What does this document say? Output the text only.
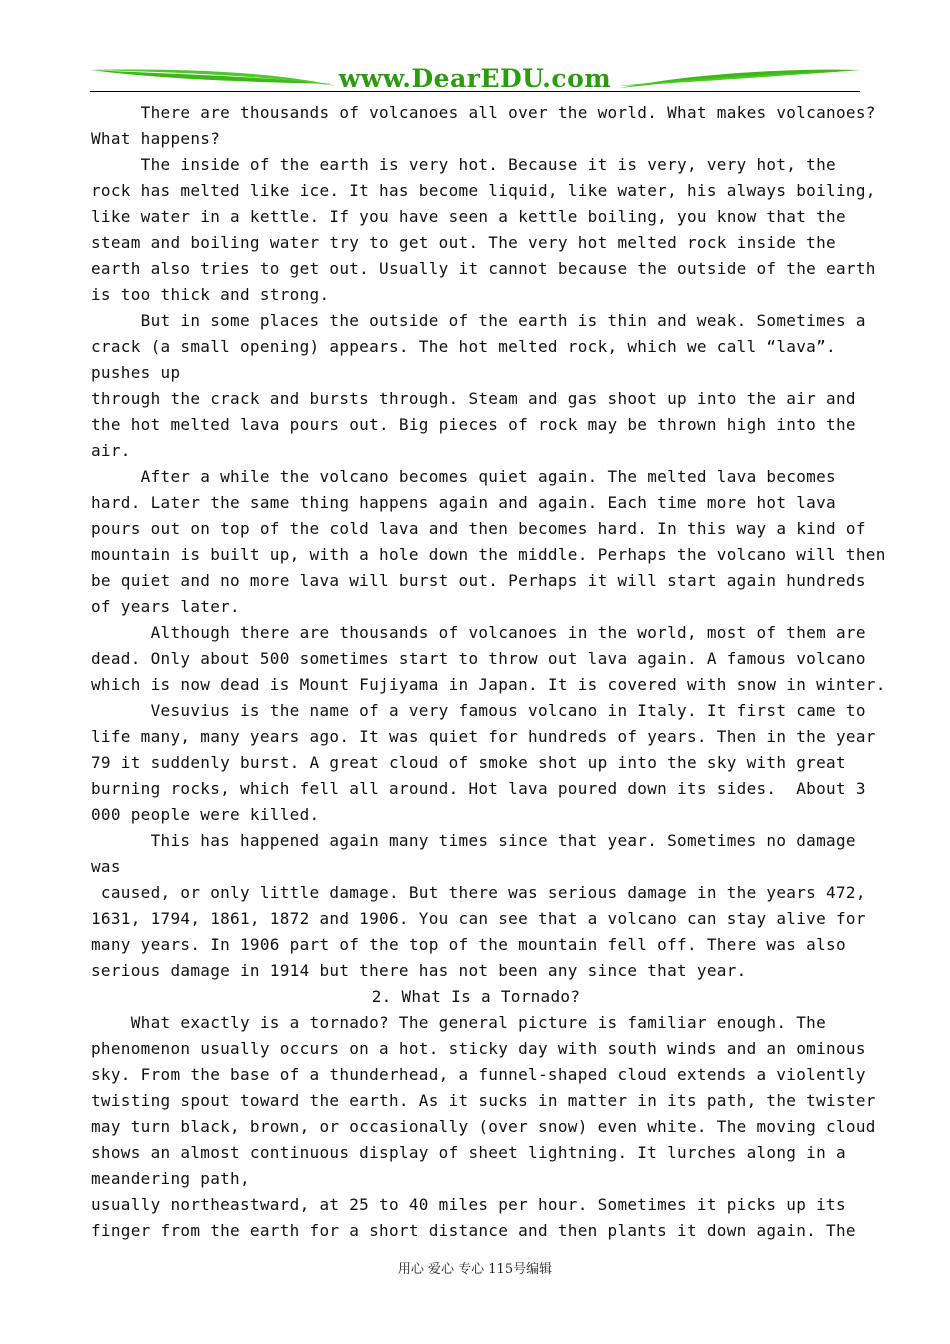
www.DearEDU.com

There are thousands of volcanoes all over the world. What makes volcanoes?

What happens?

The inside of the earth is very hot. Because it is very, very hot, the

rock has melted like ice. It has become liquid, like water, his always boiling,

like water in a kettle. If you have seen a kettle boiling, you know that the

steam and boiling water try to get out. The very hot melted rock inside the

earth also tries to get out. Usually it cannot because the outside of the earth

is too thick and strong.

But in some places the outside of the earth is thin and weak. Sometimes a

crack (a small opening) appears. The hot melted rock, which we call “lava”.

pushes up

through the crack and bursts through. Steam and gas shoot up into the air and

the hot melted lava pours out. Big pieces of rock may be thrown high into the

air.

After a while the volcano becomes quiet again. The melted lava becomes

hard. Later the same thing happens again and again. Each time more hot lava

pours out on top of the cold lava and then becomes hard. In this way a kind of

mountain is built up, with a hole down the middle. Perhaps the volcano will then

be quiet and no more lava will burst out. Perhaps it will start again hundreds

of years later.

Although there are thousands of volcanoes in the world, most of them are

dead. Only about 500 sometimes start to throw out lava again. A famous volcano

which is now dead is Mount Fujiyama in Japan. It is covered with snow in winter.

Vesuvius is the name of a very famous volcano in Italy. It first came to

life many, many years ago. It was quiet for hundreds of years. Then in the year

79 it suddenly burst. A great cloud of smoke shot up into the sky with great

burning rocks, which fell all around. Hot lava poured down its sides.  About 3

000 people were killed.

This has happened again many times since that year. Sometimes no damage

was

caused, or only little damage. But there was serious damage in the years 472,

1631, 1794, 1861, 1872 and 1906. You can see that a volcano can stay alive for

many years. In 1906 part of the top of the mountain fell off. There was also

serious damage in 1914 but there has not been any since that year.

2. What Is a Tornado?

What exactly is a tornado? The general picture is familiar enough. The

phenomenon usually occurs on a hot. sticky day with south winds and an ominous

sky. From the base of a thunderhead, a funnel-shaped cloud extends a violently

twisting spout toward the earth. As it sucks in matter in its path, the twister

may turn black, brown, or occasionally (over snow) even white. The moving cloud

shows an almost continuous display of sheet lightning. It lurches along in a

meandering path,

usually northeastward, at 25 to 40 miles per hour. Sometimes it picks up its

finger from the earth for a short distance and then plants it down again. The

用心 爱心 专心 115号编辑
